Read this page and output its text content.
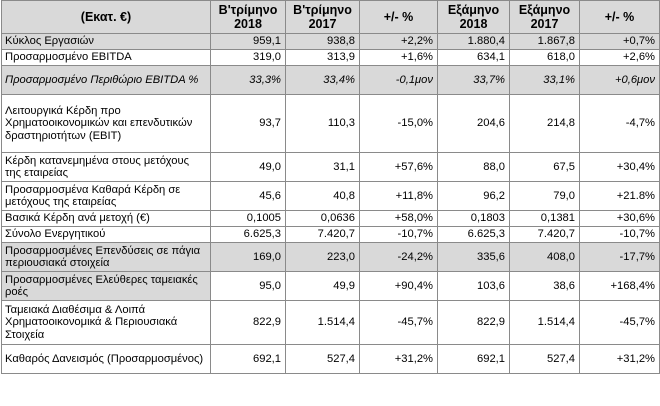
(Εκατ. €)	Β'τρίμηνο 2018	Β'τρίμηνο 2017	+/- %	Εξάμηνο 2018	Εξάμηνο 2017	+/- %
Κύκλος Εργασιών	959,1	938,8	+2,2%	1.880,4	1.867,8	+0,7%
Προσαρμοσμένο EBITDA	319,0	313,9	+1,6%	634,1	618,0	+2,6%
Προσαρμοσμένο Περιθώριο EBITDA %	33,3%	33,4%	-0,1μον	33,7%	33,1%	+0,6μον
Λειτουργικά Κέρδη προ Χρηματοοικονομικών και επενδυτικών δραστηριοτήτων (EBIT)	93,7	110,3	-15,0%	204,6	214,8	-4,7%
Κέρδη κατανεμημένα στους μετόχους της εταιρείας	49,0	31,1	+57,6%	88,0	67,5	+30,4%
Προσαρμοσμένα Καθαρά Κέρδη σε μετόχους της εταιρείας	45,6	40,8	+11,8%	96,2	79,0	+21.8%
Βασικά Κέρδη ανά μετοχή (€)	0,1005	0,0636	+58,0%	0,1803	0,1381	+30,6%
Σύνολο Ενεργητικού	6.625,3	7.420,7	-10,7%	6.625,3	7.420,7	-10,7%
Προσαρμοσμένες Επενδύσεις σε πάγια περιουσιακά στοιχεία	169,0	223,0	-24,2%	335,6	408,0	-17,7%
Προσαρμοσμένες Ελεύθερες ταμειακές ροές	95,0	49,9	+90,4%	103,6	38,6	+168,4%
Ταμειακά Διαθέσιμα & Λοιπά Χρηματοοικονομικά & Περιουσιακά Στοιχεία	822,9	1.514,4	-45,7%	822,9	1.514,4	-45,7%
Καθαρός Δανεισμός (Προσαρμοσμένος)	692,1	527,4	+31,2%	692,1	527,4	+31,2%
